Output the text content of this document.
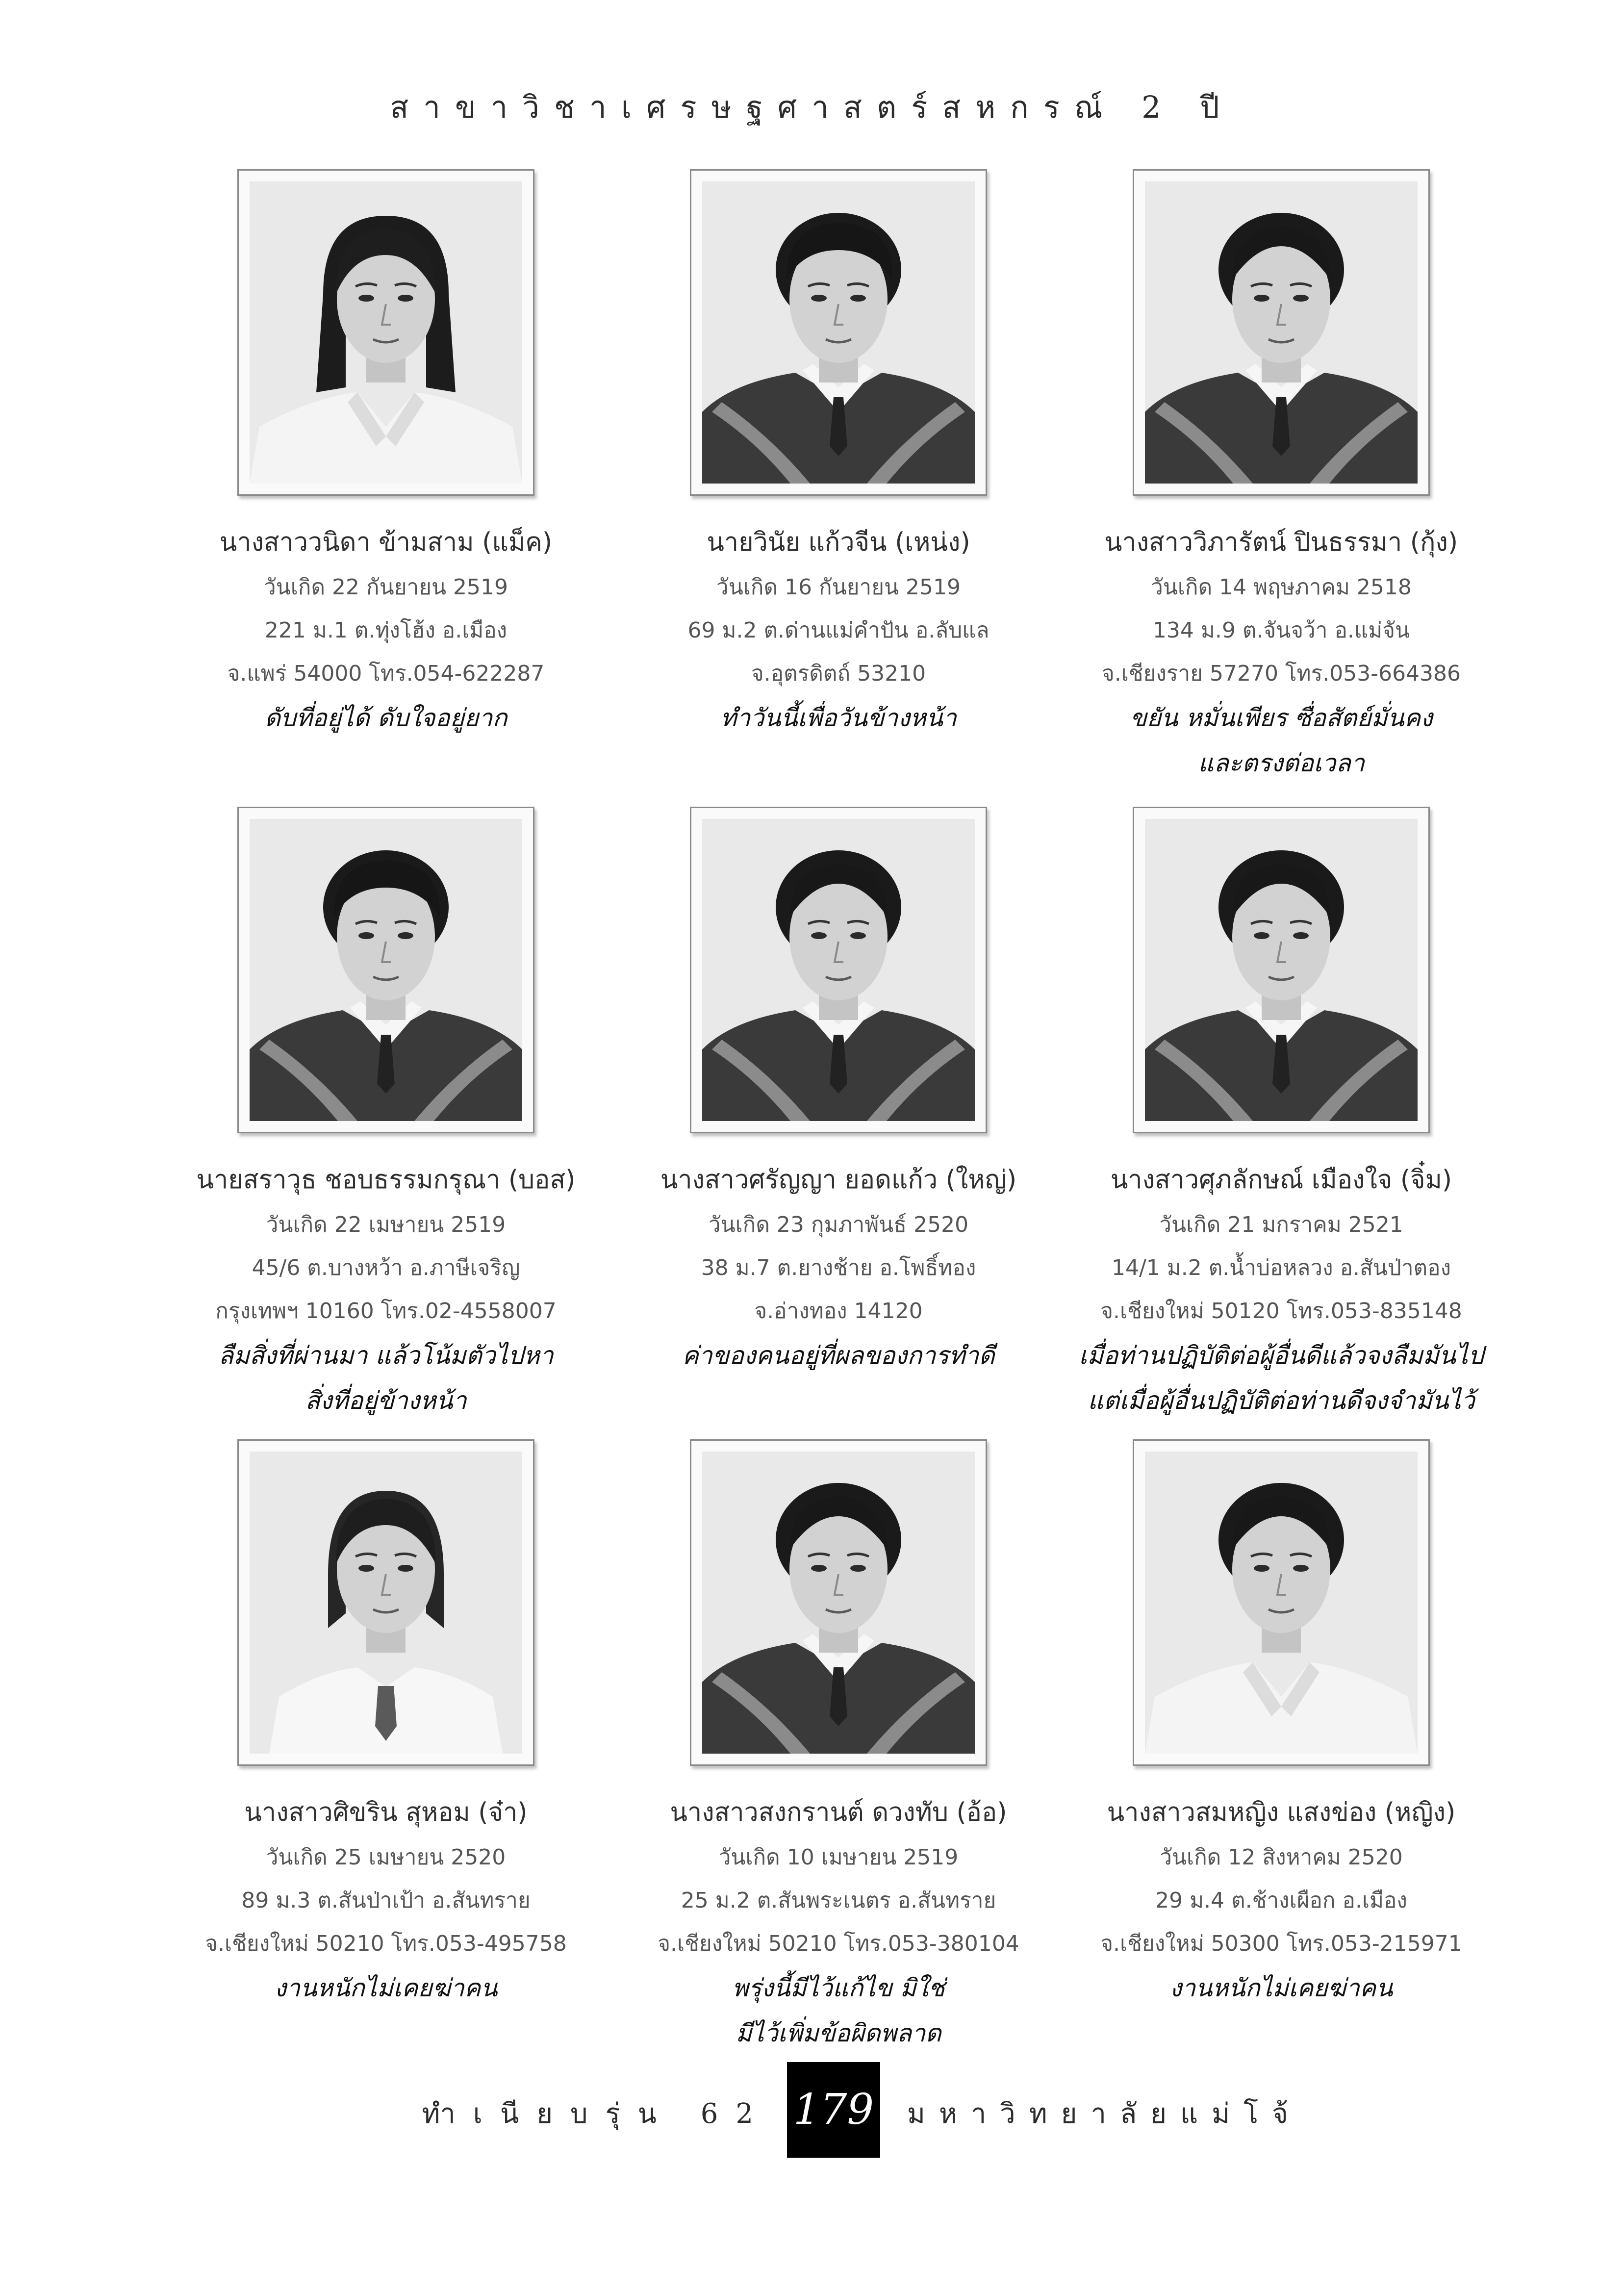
สาขาวิชาเศรษฐศาสตร์สหกรณ์ 2 ปี
นางสาววนิดา ข้ามสาม (แม็ค)
วันเกิด 22 กันยายน 2519
221 ม.1 ต.ทุ่งโฮ้ง อ.เมือง
จ.แพร่ 54000 โทร.054-622287
ดับที่อยู่ได้ ดับใจอยู่ยาก
นายวินัย แก้วจีน (เหน่ง)
วันเกิด 16 กันยายน 2519
69 ม.2 ต.ด่านแม่คำปัน อ.ลับแล
จ.อุตรดิตถ์ 53210
ทำวันนี้เพื่อวันข้างหน้า
นางสาววิภารัตน์ ปินธรรมา (กุ้ง)
วันเกิด 14 พฤษภาคม 2518
134 ม.9 ต.จันจว้า อ.แม่จัน
จ.เชียงราย 57270 โทร.053-664386
ขยัน หมั่นเพียร ซื่อสัตย์มั่นคง
และตรงต่อเวลา
นายสราวุธ ชอบธรรมกรุณา (บอส)
วันเกิด 22 เมษายน 2519
45/6 ต.บางหว้า อ.ภาษีเจริญ
กรุงเทพฯ 10160 โทร.02-4558007
ลืมสิ่งที่ผ่านมา แล้วโน้มตัวไปหา
สิ่งที่อยู่ข้างหน้า
นางสาวศรัญญา ยอดแก้ว (ใหญ่)
วันเกิด 23 กุมภาพันธ์ 2520
38 ม.7 ต.ยางช้าย อ.โพธิ์ทอง
จ.อ่างทอง 14120
ค่าของคนอยู่ที่ผลของการทำดี
นางสาวศุภลักษณ์ เมืองใจ (จิ๋ม)
วันเกิด 21 มกราคม 2521
14/1 ม.2 ต.น้ำบ่อหลวง อ.สันป่าตอง
จ.เชียงใหม่ 50120 โทร.053-835148
เมื่อท่านปฏิบัติต่อผู้อื่นดีแล้วจงลืมมันไป
แต่เมื่อผู้อื่นปฏิบัติต่อท่านดีจงจำมันไว้
นางสาวศิขริน สุหอม (จ๋า)
วันเกิด 25 เมษายน 2520
89 ม.3 ต.สันป่าเป้า อ.สันทราย
จ.เชียงใหม่ 50210 โทร.053-495758
งานหนักไม่เคยฆ่าคน
นางสาวสงกรานต์ ดวงทับ (อ้อ)
วันเกิด 10 เมษายน 2519
25 ม.2 ต.สันพระเนตร อ.สันทราย
จ.เชียงใหม่ 50210 โทร.053-380104
พรุ่งนี้มีไว้แก้ไข มิใช่
มีไว้เพิ่มข้อผิดพลาด
นางสาวสมหญิง แสงข่อง (หญิง)
วันเกิด 12 สิงหาคม 2520
29 ม.4 ต.ช้างเผือก อ.เมือง
จ.เชียงใหม่ 50300 โทร.053-215971
งานหนักไม่เคยฆ่าคน
ทำเนียบรุ่น 62 179 มหาวิทยาลัยแม่โจ้
